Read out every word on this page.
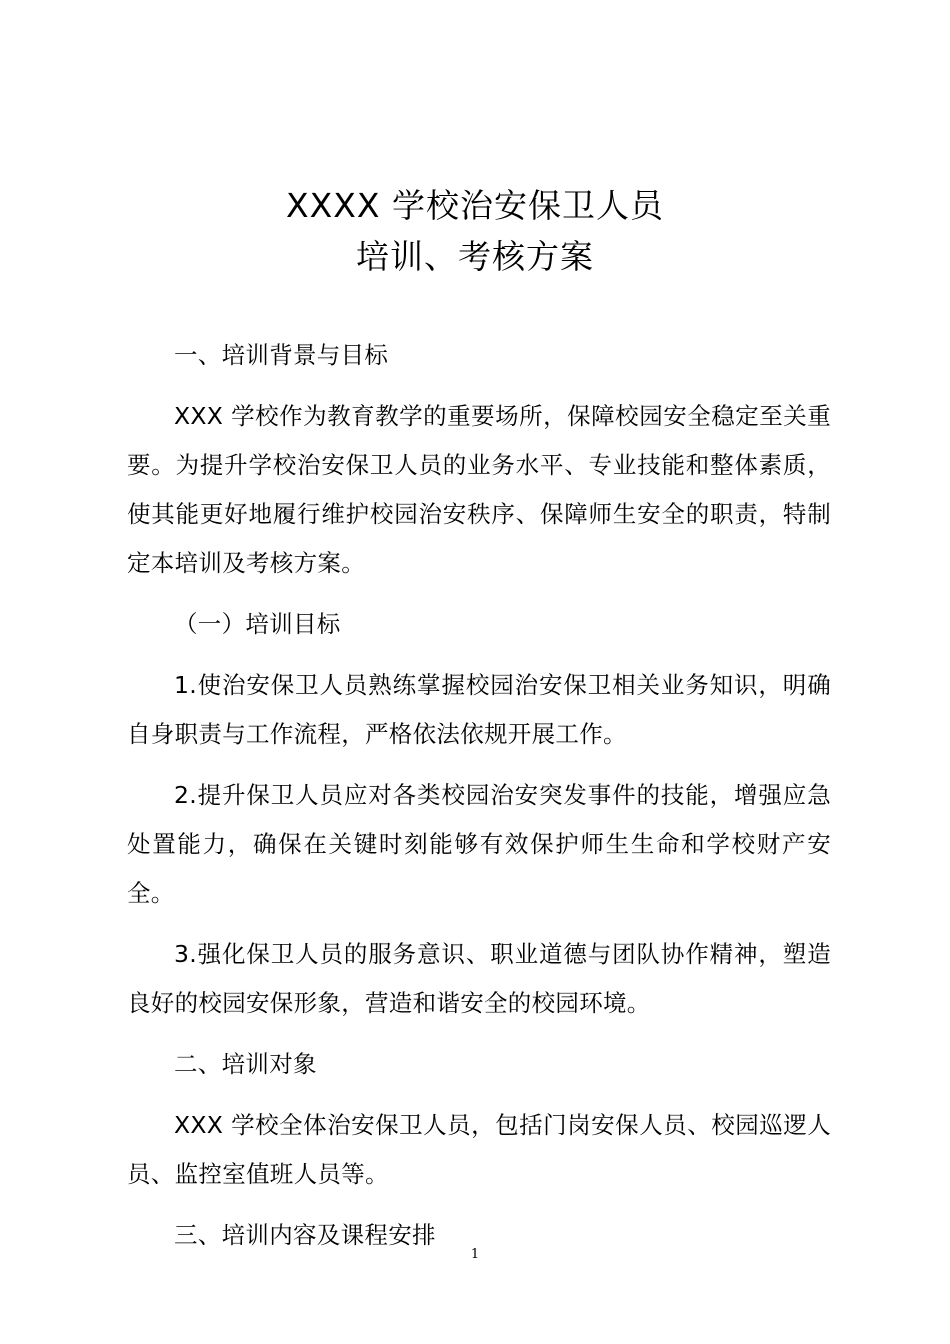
XXXX 学校治安保卫人员
培训、考核方案

一、培训背景与目标

XXX 学校作为教育教学的重要场所，保障校园安全稳定至关重要。为提升学校治安保卫人员的业务水平、专业技能和整体素质，使其能更好地履行维护校园治安秩序、保障师生安全的职责，特制定本培训及考核方案。

（一）培训目标

1.使治安保卫人员熟练掌握校园治安保卫相关业务知识，明确自身职责与工作流程，严格依法依规开展工作。

2.提升保卫人员应对各类校园治安突发事件的技能，增强应急处置能力，确保在关键时刻能够有效保护师生生命和学校财产安全。

3.强化保卫人员的服务意识、职业道德与团队协作精神，塑造良好的校园安保形象，营造和谐安全的校园环境。

二、培训对象

XXX 学校全体治安保卫人员，包括门岗安保人员、校园巡逻人员、监控室值班人员等。

三、培训内容及课程安排

1
